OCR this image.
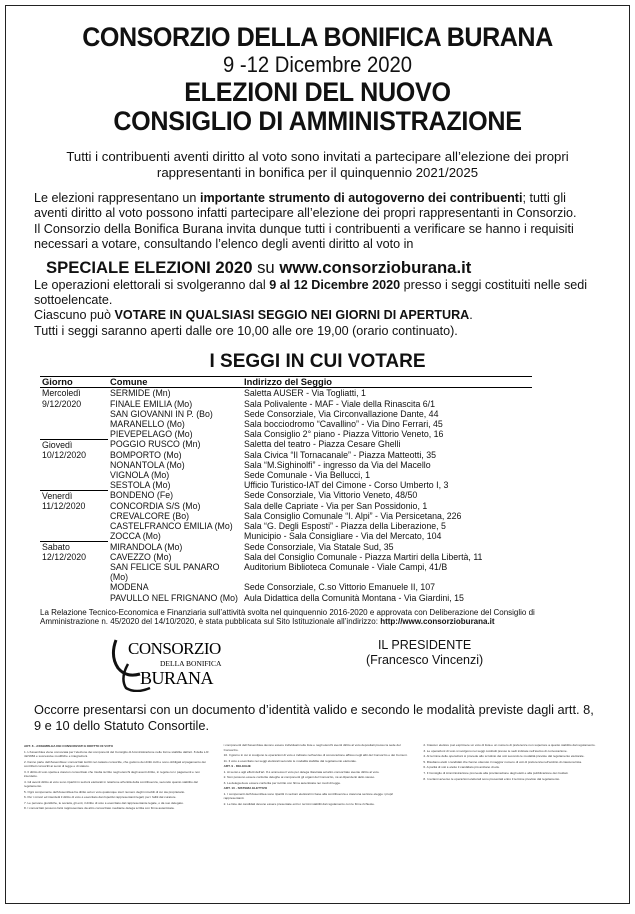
CONSORZIO DELLA BONIFICA BURANA
9 -12 Dicembre 2020
ELEZIONI DEL NUOVO
CONSIGLIO DI AMMINISTRAZIONE
Tutti i contribuenti aventi diritto al voto sono invitati a partecipare all’elezione dei propri rappresentanti in bonifica per il quinquennio 2021/2025
Le elezioni rappresentano un importante strumento di autogoverno dei contribuenti; tutti gli aventi diritto al voto possono infatti partecipare all’elezione dei propri rappresentanti in Consorzio.
Il Consorzio della Bonifica Burana invita dunque tutti i contribuenti a verificare se hanno i requisiti necessari a votare, consultando l’elenco degli aventi diritto al voto in
SPECIALE ELEZIONI 2020 su www.consorzioburana.it
Le operazioni elettorali si svolgeranno dal 9 al 12 Dicembre 2020 presso i seggi costituiti nelle sedi sottoelencate.
Ciascuno può VOTARE IN QUALSIASI SEGGIO NEI GIORNI DI APERTURA.
Tutti i seggi saranno aperti dalle ore 10,00 alle ore 19,00 (orario continuato).
I SEGGI IN CUI VOTARE
Giorno	Comune	Indirizzo del Seggio
Mercoledì 9/12/2020	SERMIDE (Mn)	Saletta AUSER - Via Togliatti, 1
	FINALE EMILIA (Mo)	Sala Polivalente - MAF - Viale della Rinascita 6/1
	SAN GIOVANNI IN P. (Bo)	Sede Consorziale, Via Circonvallazione Dante, 44
	MARANELLO (Mo)	Sala bocciodromo “Cavallino” - Via Dino Ferrari, 45
	PIEVEPELAGO (Mo)	Sala Consiglio 2° piano - Piazza Vittorio Veneto, 16
Giovedì 10/12/2020	POGGIO RUSCO (Mn)	Saletta del teatro - Piazza Cesare Ghelli
	BOMPORTO (Mo)	Sala Civica “Il Tornacanale” - Piazza Matteotti, 35
	NONANTOLA (Mo)	Sala “M.Sighinolfi” - ingresso da Via del Macello
	VIGNOLA (Mo)	Sede Comunale - Via Bellucci, 1
	SESTOLA (Mo)	Ufficio Turistico-IAT del Cimone - Corso Umberto I, 3
Venerdì 11/12/2020	BONDENO (Fe)	Sede Consorziale, Via Vittorio Veneto, 48/50
	CONCORDIA S/S (Mo)	Sala delle Capriate - Via per San Possidonio, 1
	CREVALCORE (Bo)	Sala Consiglio Comunale “I. Alpi” - Via Persicetana, 226
	CASTELFRANCO EMILIA (Mo)	Sala “G. Degli Esposti” - Piazza della Liberazione, 5
	ZOCCA (Mo)	Municipio - Sala Consigliare - Via del Mercato, 104
Sabato 12/12/2020	MIRANDOLA (Mo)	Sede Consorziale, Via Statale Sud, 35
	CAVEZZO (Mo)	Sala del Consiglio Comunale - Piazza Martiri della Libertà, 11
	SAN FELICE SUL PANARO (Mo)	Auditorium Biblioteca Comunale - Viale Campi, 41/B
	MODENA	Sede Consorziale, C.so Vittorio Emanuele II, 107
	PAVULLO NEL FRIGNANO (Mo)	Aula Didattica della Comunità Montana - Via Giardini, 15
La Relazione Tecnico-Economica e Finanziaria sull’attività svolta nel quinquennio 2016-2020 e approvata con Deliberazione del Consiglio di Amministrazione n. 45/2020 del 14/10/2020, è stata pubblicata sul Sito Istituzionale all’indirizzo: http://www.consorzioburana.it
CONSORZIO
DELLA BONIFICA
BURANA
IL PRESIDENTE
(Francesco Vincenzi)
Occorre presentarsi con un documento d’identità valido e secondo le modalità previste dagli artt. 8, 9 e 10 dello Statuto Consortile.
ART. 8 - ASSEMBLEA DEI CONSORZIATI E DIRITTO DI VOTO

1. L’Assemblea viene convocata per l’elezione dei componenti del Consiglio di Amministrazione nelle forme stabilite dall’art. 8 della L.R. 42/1984 e successive modifiche e integrazioni.

2. Fanno parte dell’Assemblea i consorziati iscritti nel catasto consortile, che godono dei diritti civili e sono obbligati al pagamento dei contributi consortili ai sensi di legge e di statuto.

3. Il diritto di voto spetta a ciascun consorziato che risulta iscritto negli elenchi degli aventi diritto, in regola con i pagamenti e non interdetto.

4. Gli aventi diritto al voto sono ripartiti in sezioni elettorali in relazione all’entità della contribuenza, secondo quanto stabilito dal regolamento.

5. Ogni componente dell’Assemblea ha diritto ad un voto qualunque sia il numero degli immobili di cui sia proprietario.

6. Per i minori ed interdetti il diritto di voto è esercitato dai rispettivi rappresentanti legali; per i falliti dal curatore.

7. Le persone giuridiche, le società, gli enti, il diritto di voto è esercitato dal rappresentante legale, o da suo delegato.

8. I consorziati possono farsi rappresentare da altro consorziato mediante delega scritta con firma autenticata.

i componenti dell’Assemblea devono essere individuati nelle liste e negli elenchi aventi diritto al voto depositati presso la sede del Consorzio.

10. Il giorno in cui si svolgono le operazioni di voto è indicato nell’avviso di convocazione affisso negli albi del Consorzio e dei Comuni.

11. Il voto è esercitato nei seggi elettorali secondo le modalità stabilite dal regolamento elettorale.

ART. 9 - DELEGHE

1. Ai sensi e agli effetti dell’art. 8 è ammesso il voto per delega rilasciata ad altro consorziato avente diritto al voto.

2. Non possono essere conferite deleghe ai componenti gli organi del Consorzio, né ai dipendenti dello stesso.

3. La delega deve essere conferita per iscritto con firma autenticata nei modi di legge.

ART. 10 - SISTEMA ELETTIVO

1. I componenti dell’Assemblea sono ripartiti in sezioni elettorali in base alla contribuenza e ciascuna sezione elegge i propri rappresentanti.

2. Le liste dei candidati devono essere presentate entro i termini stabiliti dal regolamento con le firme richieste.

2. Ciascun elettore può esprimere un voto di lista e un numero di preferenze non superiore a quanto stabilito dal regolamento.

3. Le operazioni di voto si svolgono nei seggi costituiti presso le sedi indicate nell’avviso di convocazione.

4. Al termine delle operazioni si procede allo scrutinio dei voti secondo le modalità previste dal regolamento elettorale.

5. Risultano eletti i candidati che hanno ottenuto il maggior numero di voti di preferenza nell’ambito di ciascuna lista.

6. A parità di voti è eletto il candidato più anziano di età.

7. Il Consiglio di Amministrazione provvede alla proclamazione degli eletti e alla pubblicazione dei risultati.

8. I reclami avverso le operazioni elettorali sono presentati entro il termine previsto dal regolamento.
